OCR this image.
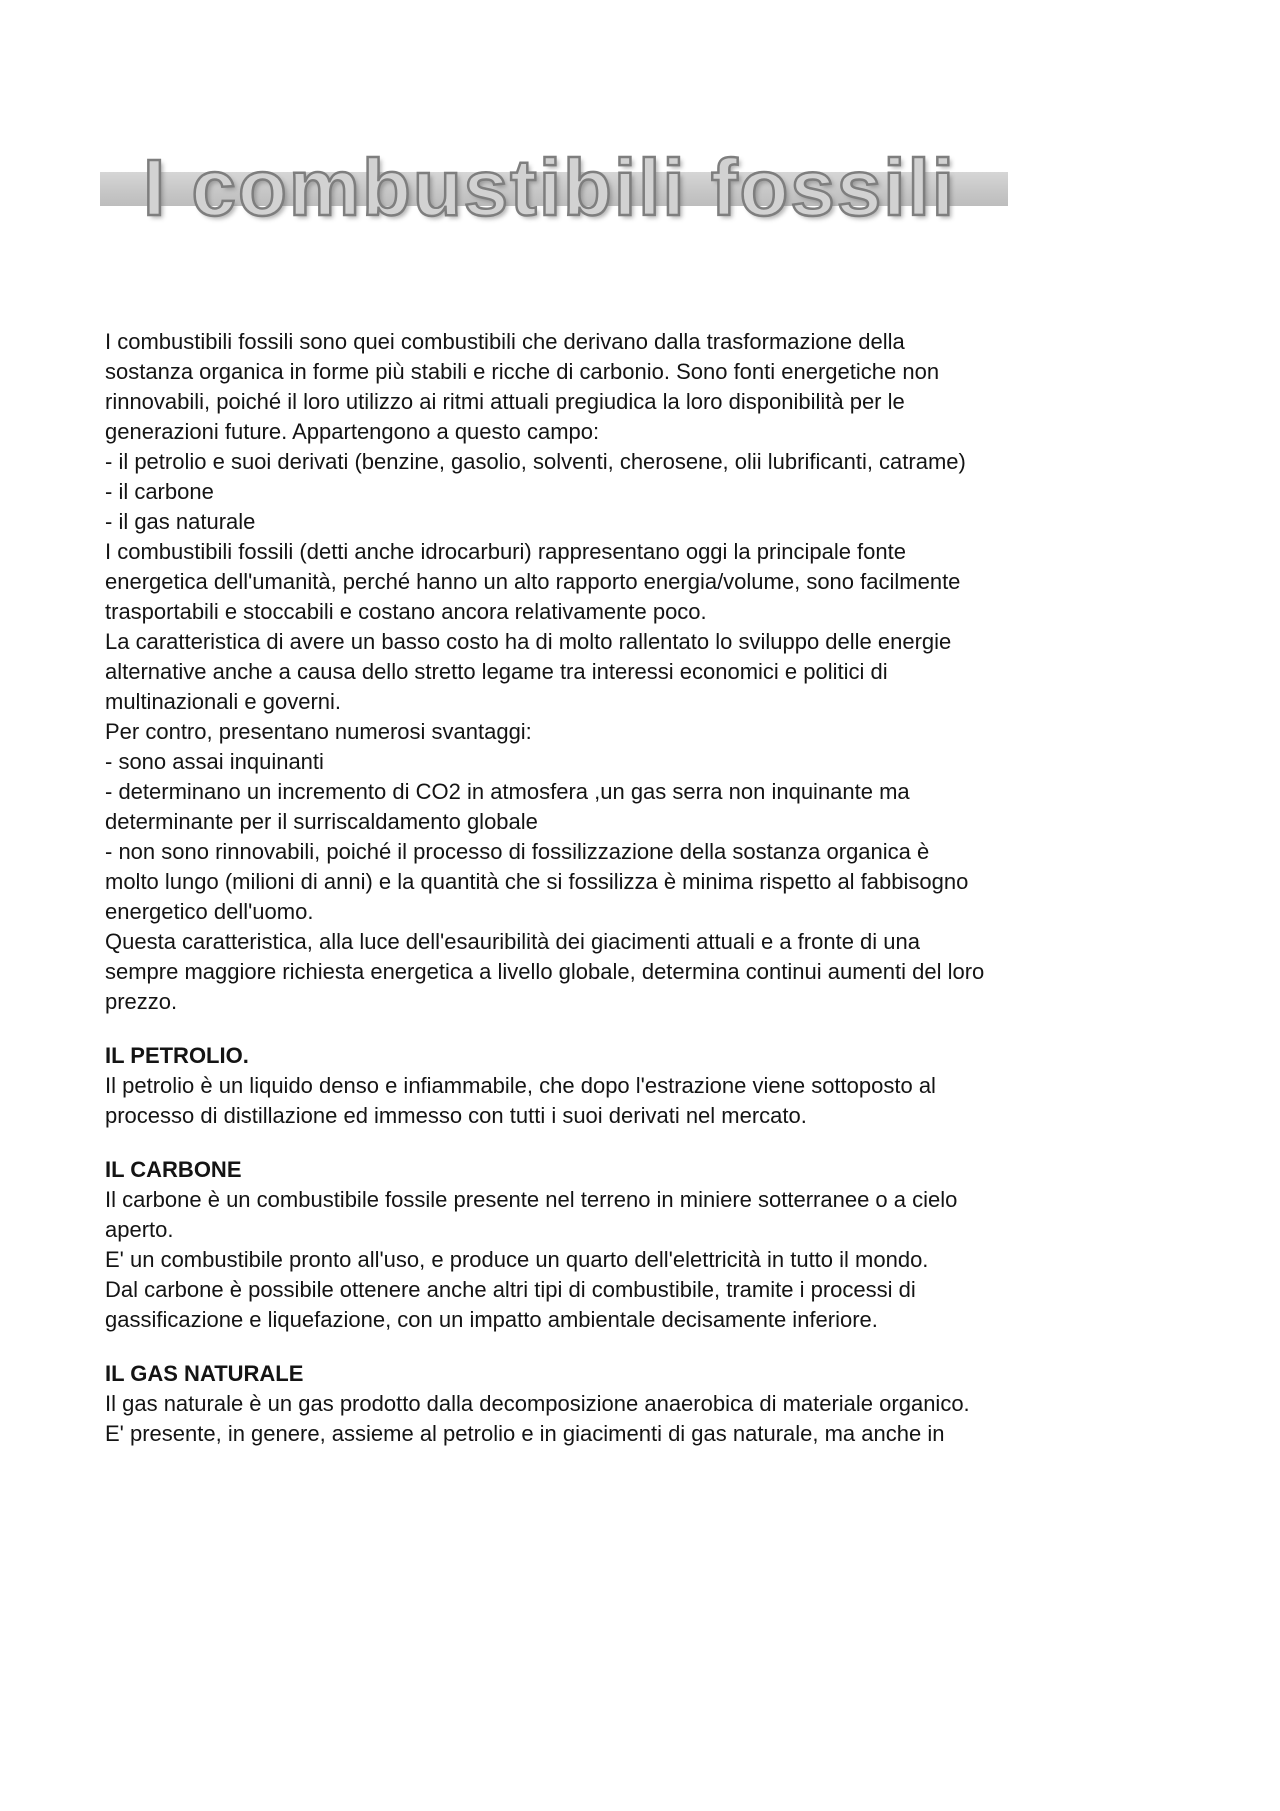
I combustibili fossili
I combustibili fossili sono quei combustibili che derivano dalla trasformazione della
sostanza organica in forme più stabili e ricche di carbonio. Sono fonti energetiche non
rinnovabili, poiché il loro utilizzo ai ritmi attuali pregiudica la loro disponibilità per le
generazioni future. Appartengono a questo campo:
- il petrolio e suoi derivati (benzine, gasolio, solventi, cherosene, olii lubrificanti, catrame)
- il carbone
- il gas naturale
I combustibili fossili (detti anche idrocarburi) rappresentano oggi la principale fonte
energetica dell'umanità, perché hanno un alto rapporto energia/volume, sono facilmente
trasportabili e stoccabili e costano ancora relativamente poco.
La caratteristica di avere un basso costo ha di molto rallentato lo sviluppo delle energie
alternative anche a causa dello stretto legame tra interessi economici e politici di
multinazionali e governi.
Per contro, presentano numerosi svantaggi:
- sono assai inquinanti
- determinano un incremento di CO2 in atmosfera ,un gas serra non inquinante ma
determinante per il surriscaldamento globale
- non sono rinnovabili, poiché il processo di fossilizzazione della sostanza organica è
molto lungo (milioni di anni) e la quantità che si fossilizza è minima rispetto al fabbisogno
energetico dell'uomo.
Questa caratteristica, alla luce dell'esauribilità dei giacimenti attuali e a fronte di una
sempre maggiore richiesta energetica a livello globale, determina continui aumenti del loro
prezzo.
IL PETROLIO.
Il petrolio è un liquido denso e infiammabile, che dopo l'estrazione viene sottoposto al
processo di distillazione ed immesso con tutti i suoi derivati nel mercato.
IL CARBONE
Il carbone è un combustibile fossile presente nel terreno in miniere sotterranee o a cielo
aperto.
E' un combustibile pronto all'uso, e produce un quarto dell'elettricità in tutto il mondo.
Dal carbone è possibile ottenere anche altri tipi di combustibile, tramite i processi di
gassificazione e liquefazione, con un impatto ambientale decisamente inferiore.
IL GAS NATURALE
Il gas naturale è un gas prodotto dalla decomposizione anaerobica di materiale organico.
E' presente, in genere, assieme al petrolio e in giacimenti di gas naturale, ma anche in
